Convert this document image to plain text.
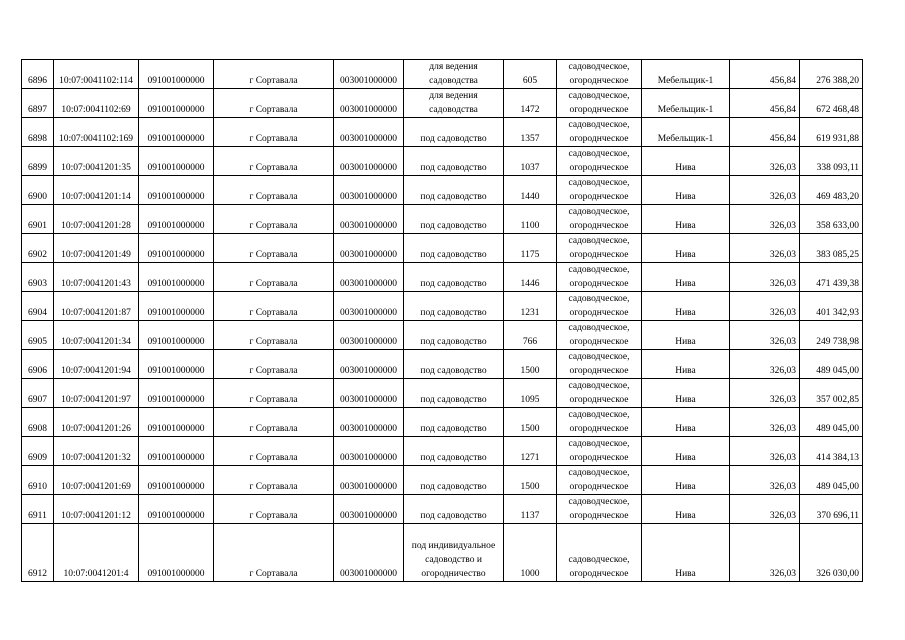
6896	10:07:0041102:114	091001000000	г Сортавала	003001000000	для ведения
садоводства	605	садоводческое,
огороднческое	Мебельщик-1	456,84	276 388,20
6897	10:07:0041102:69	091001000000	г Сортавала	003001000000	для ведения
садоводства	1472	садоводческое,
огороднческое	Мебельщик-1	456,84	672 468,48
6898	10:07:0041102:169	091001000000	г Сортавала	003001000000	под садоводство	1357	садоводческое,
огороднческое	Мебельщик-1	456,84	619 931,88
6899	10:07:0041201:35	091001000000	г Сортавала	003001000000	под садоводство	1037	садоводческое,
огороднческое	Нива	326,03	338 093,11
6900	10:07:0041201:14	091001000000	г Сортавала	003001000000	под садоводство	1440	садоводческое,
огороднческое	Нива	326,03	469 483,20
6901	10:07:0041201:28	091001000000	г Сортавала	003001000000	под садоводство	1100	садоводческое,
огороднческое	Нива	326,03	358 633,00
6902	10:07:0041201:49	091001000000	г Сортавала	003001000000	под садоводство	1175	садоводческое,
огороднческое	Нива	326,03	383 085,25
6903	10:07:0041201:43	091001000000	г Сортавала	003001000000	под садоводство	1446	садоводческое,
огороднческое	Нива	326,03	471 439,38
6904	10:07:0041201:87	091001000000	г Сортавала	003001000000	под садоводство	1231	садоводческое,
огороднческое	Нива	326,03	401 342,93
6905	10:07:0041201:34	091001000000	г Сортавала	003001000000	под садоводство	766	садоводческое,
огороднческое	Нива	326,03	249 738,98
6906	10:07:0041201:94	091001000000	г Сортавала	003001000000	под садоводство	1500	садоводческое,
огороднческое	Нива	326,03	489 045,00
6907	10:07:0041201:97	091001000000	г Сортавала	003001000000	под садоводство	1095	садоводческое,
огороднческое	Нива	326,03	357 002,85
6908	10:07:0041201:26	091001000000	г Сортавала	003001000000	под садоводство	1500	садоводческое,
огороднческое	Нива	326,03	489 045,00
6909	10:07:0041201:32	091001000000	г Сортавала	003001000000	под садоводство	1271	садоводческое,
огороднческое	Нива	326,03	414 384,13
6910	10:07:0041201:69	091001000000	г Сортавала	003001000000	под садоводство	1500	садоводческое,
огороднческое	Нива	326,03	489 045,00
6911	10:07:0041201:12	091001000000	г Сортавала	003001000000	под садоводство	1137	садоводческое,
огороднческое	Нива	326,03	370 696,11
6912	10:07:0041201:4	091001000000	г Сортавала	003001000000	под индивидуальное
садоводство и
огородничество	1000	садоводческое,
огороднческое	Нива	326,03	326 030,00
